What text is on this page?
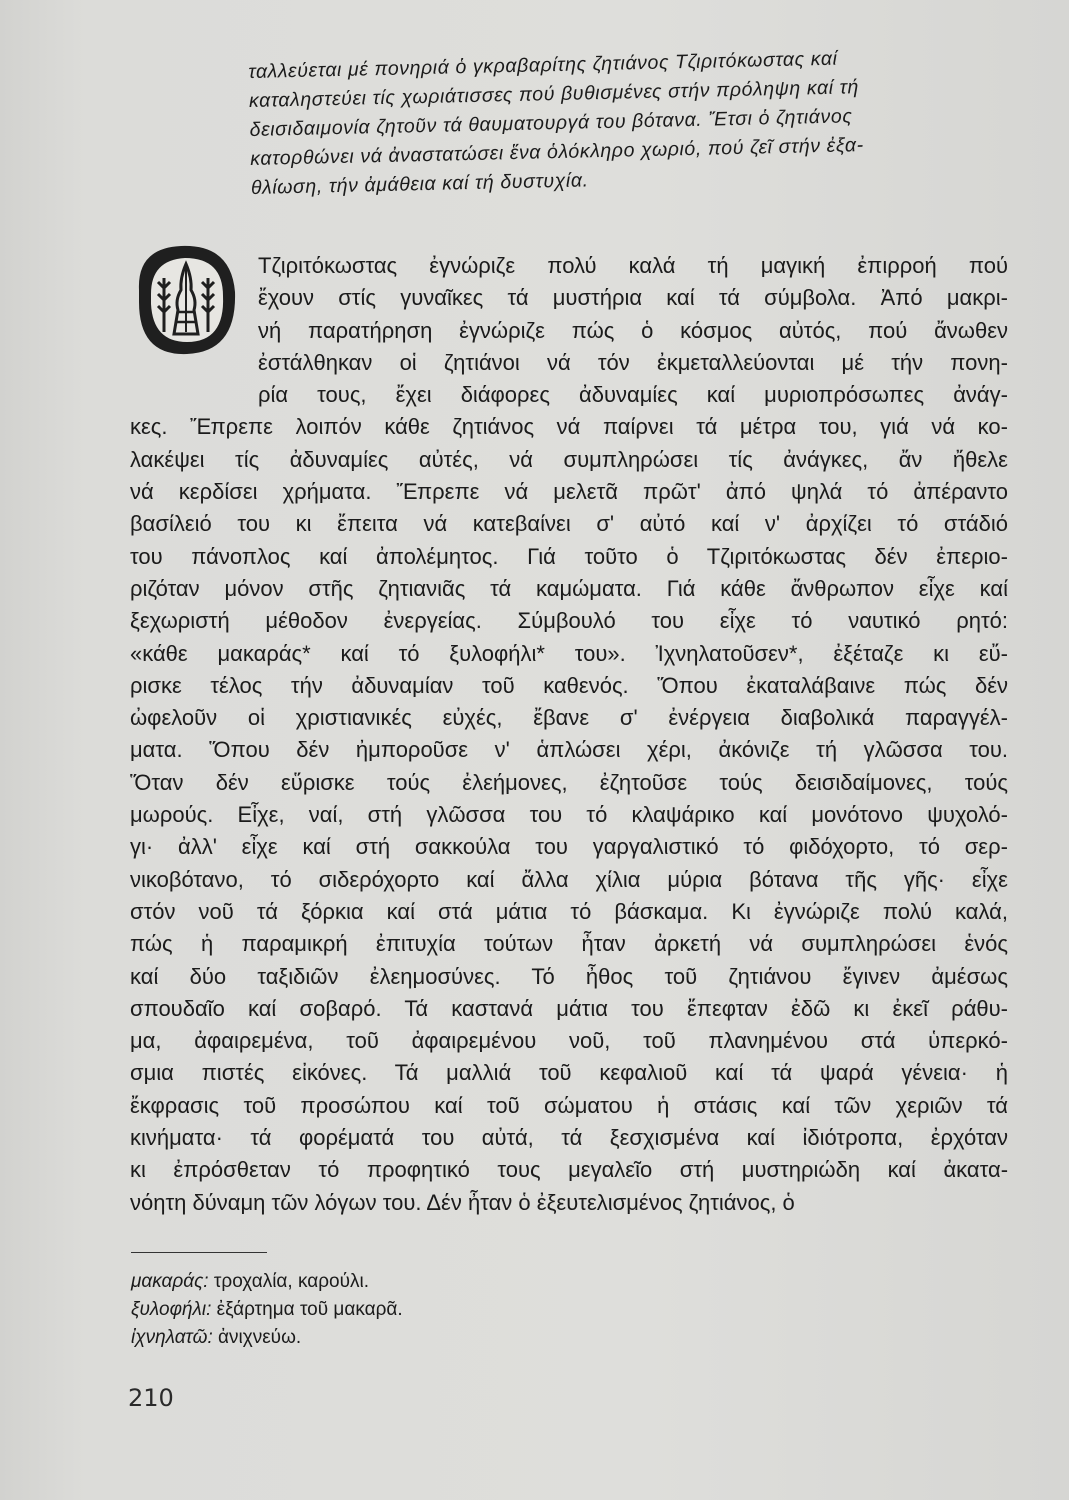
ταλλεύεται μέ πονηριά ὁ γκραβαρίτης ζητιάνος Τζιριτόκωστας καί
καταληστεύει τίς χωριάτισσες πού βυθισμένες στήν πρόληψη καί τή
δεισιδαιμονία ζητοῦν τά θαυματουργά του βότανα. Ἔτσι ὁ ζητιάνος
κατορθώνει νά ἀναστατώσει ἕνα ὁλόκληρο χωριό, πού ζεῖ στήν ἐξα-
θλίωση, τήν ἀμάθεια καί τή δυστυχία.
Τζιριτόκωστας ἐγνώριζε πολύ καλά τή μαγική ἐπιρροή πού
ἔχουν στίς γυναῖκες τά μυστήρια καί τά σύμβολα. Ἀπό μακρι-
νή παρατήρηση ἐγνώριζε πώς ὁ κόσμος αὐτός, πού ἄνωθεν
ἐστάλθηκαν οἱ ζητιάνοι νά τόν ἐκμεταλλεύονται μέ τήν πονη-
ρία τους, ἔχει διάφορες ἀδυναμίες καί μυριοπρόσωπες ἀνάγ-
κες. Ἔπρεπε λοιπόν κάθε ζητιάνος νά παίρνει τά μέτρα του, γιά νά κο-
λακέψει τίς ἀδυναμίες αὐτές, νά συμπληρώσει τίς ἀνάγκες, ἄν ἤθελε
νά κερδίσει χρήματα. Ἔπρεπε νά μελετᾶ πρῶτ' ἀπό ψηλά τό ἀπέραντο
βασίλειό του κι ἔπειτα νά κατεβαίνει σ' αὐτό καί ν' ἀρχίζει τό στάδιό
του πάνοπλος καί ἀπολέμητος. Γιά τοῦτο ὁ Τζιριτόκωστας δέν ἐπεριο-
ριζόταν μόνον στῆς ζητιανιᾶς τά καμώματα. Γιά κάθε ἄνθρωπον εἶχε καί
ξεχωριστή μέθοδον ἐνεργείας. Σύμβουλό του εἶχε τό ναυτικό ρητό:
«κάθε μακαράς* καί τό ξυλοφήλι* του». Ἰχνηλατοῦσεν*, ἐξέταζε κι εὔ-
ρισκε τέλος τήν ἀδυναμίαν τοῦ καθενός. Ὅπου ἐκαταλάβαινε πώς δέν
ὠφελοῦν οἱ χριστιανικές εὐχές, ἔβανε σ' ἐνέργεια διαβολικά παραγγέλ-
ματα. Ὅπου δέν ἠμποροῦσε ν' ἁπλώσει χέρι, ἀκόνιζε τή γλῶσσα του.
Ὅταν δέν εὕρισκε τούς ἐλεήμονες, ἐζητοῦσε τούς δεισιδαίμονες, τούς
μωρούς. Εἶχε, ναί, στή γλῶσσα του τό κλαψάρικο καί μονότονο ψυχολό-
γι· ἀλλ' εἶχε καί στή σακκούλα του γαργαλιστικό τό φιδόχορτο, τό σερ-
νικοβότανο, τό σιδερόχορτο καί ἄλλα χίλια μύρια βότανα τῆς γῆς· εἶχε
στόν νοῦ τά ξόρκια καί στά μάτια τό βάσκαμα. Κι ἐγνώριζε πολύ καλά,
πώς ἡ παραμικρή ἐπιτυχία τούτων ἦταν ἀρκετή νά συμπληρώσει ἑνός
καί δύο ταξιδιῶν ἐλεημοσύνες. Τό ἦθος τοῦ ζητιάνου ἔγινεν ἀμέσως
σπουδαῖο καί σοβαρό. Τά καστανά μάτια του ἔπεφταν ἐδῶ κι ἐκεῖ ράθυ-
μα, ἀφαιρεμένα, τοῦ ἀφαιρεμένου νοῦ, τοῦ πλανημένου στά ὑπερκό-
σμια πιστές εἰκόνες. Τά μαλλιά τοῦ κεφαλιοῦ καί τά ψαρά γένεια· ἡ
ἔκφρασις τοῦ προσώπου καί τοῦ σώματου ἡ στάσις καί τῶν χεριῶν τά
κινήματα· τά φορέματά του αὐτά, τά ξεσχισμένα καί ἰδιότροπα, ἐρχόταν
κι ἐπρόσθεταν τό προφητικό τους μεγαλεῖο στή μυστηριώδη καί ἀκατα-
νόητη δύναμη τῶν λόγων του. Δέν ἦταν ὁ ἐξευτελισμένος ζητιάνος, ὁ
μακαράς: τροχαλία, καρούλι.
ξυλοφήλι: ἐξάρτημα τοῦ μακαρᾶ.
ἰχνηλατῶ: ἀνιχνεύω.
210
